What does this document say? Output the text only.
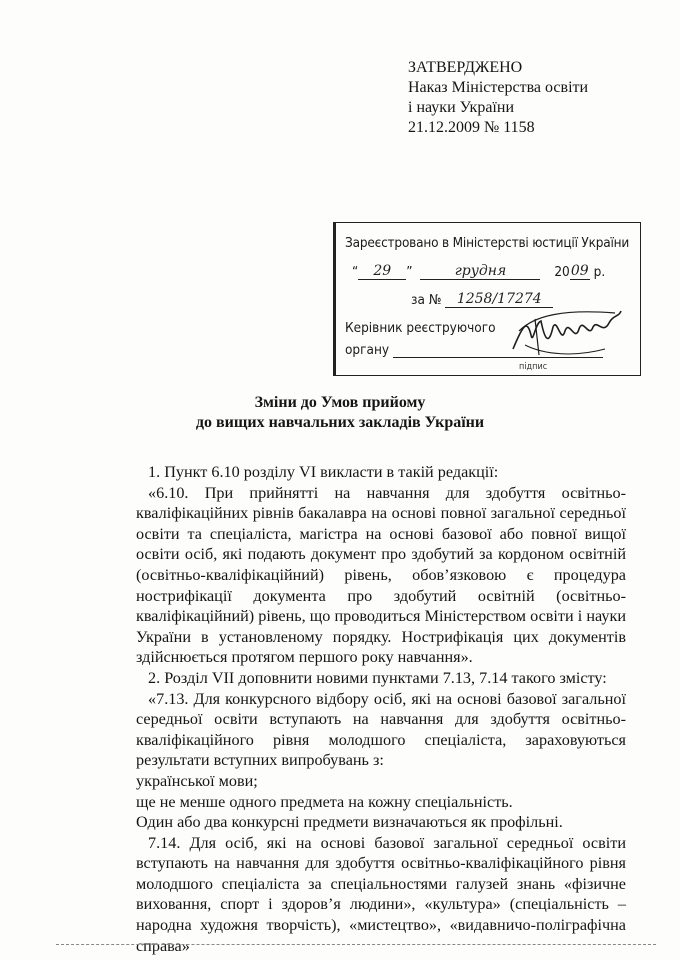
ЗАТВЕРДЖЕНО
Наказ Міністерства освіти
і науки України
21.12.2009 № 1158
Зареєстровано в Міністерстві юстиції України
“ 29 ”	грудня	2009 р.
за № 1258/17274
Керівник реєструючого
органу
підпис
Зміни до Умов прийому
до вищих навчальних закладів України

1. Пункт 6.10 розділу VI викласти в такій редакції:

«6.10. При прийнятті на навчання для здобуття освітньо-кваліфікаційних рівнів бакалавра на основі повної загальної середньої освіти та спеціаліста, магістра на основі базової або повної вищої освіти осіб, які подають документ про здобутий за кордоном освітній (освітньо-кваліфікаційний) рівень, обов’язковою є процедура нострифікації документа про здобутий освітній (освітньо-кваліфікаційний) рівень, що проводиться Міністерством освіти і науки України в установленому порядку. Нострифікація цих документів здійснюється протягом першого року навчання».

2. Розділ VII доповнити новими пунктами 7.13, 7.14 такого змісту:

«7.13. Для конкурсного відбору осіб, які на основі базової загальної середньої освіти вступають на навчання для здобуття освітньо-кваліфікаційного рівня молодшого спеціаліста, зараховуються результати вступних випробувань з:

української мови;

ще не менше одного предмета на кожну спеціальність.

Один або два конкурсні предмети визначаються як профільні.

7.14. Для осіб, які на основі базової загальної середньої освіти вступають на навчання для здобуття освітньо-кваліфікаційного рівня молодшого спеціаліста за спеціальностями галузей знань «фізичне виховання, спорт і здоров’я людини», «культура» (спеціальність – народна художня творчість), «мистецтво», «видавничо-поліграфічна справа»
